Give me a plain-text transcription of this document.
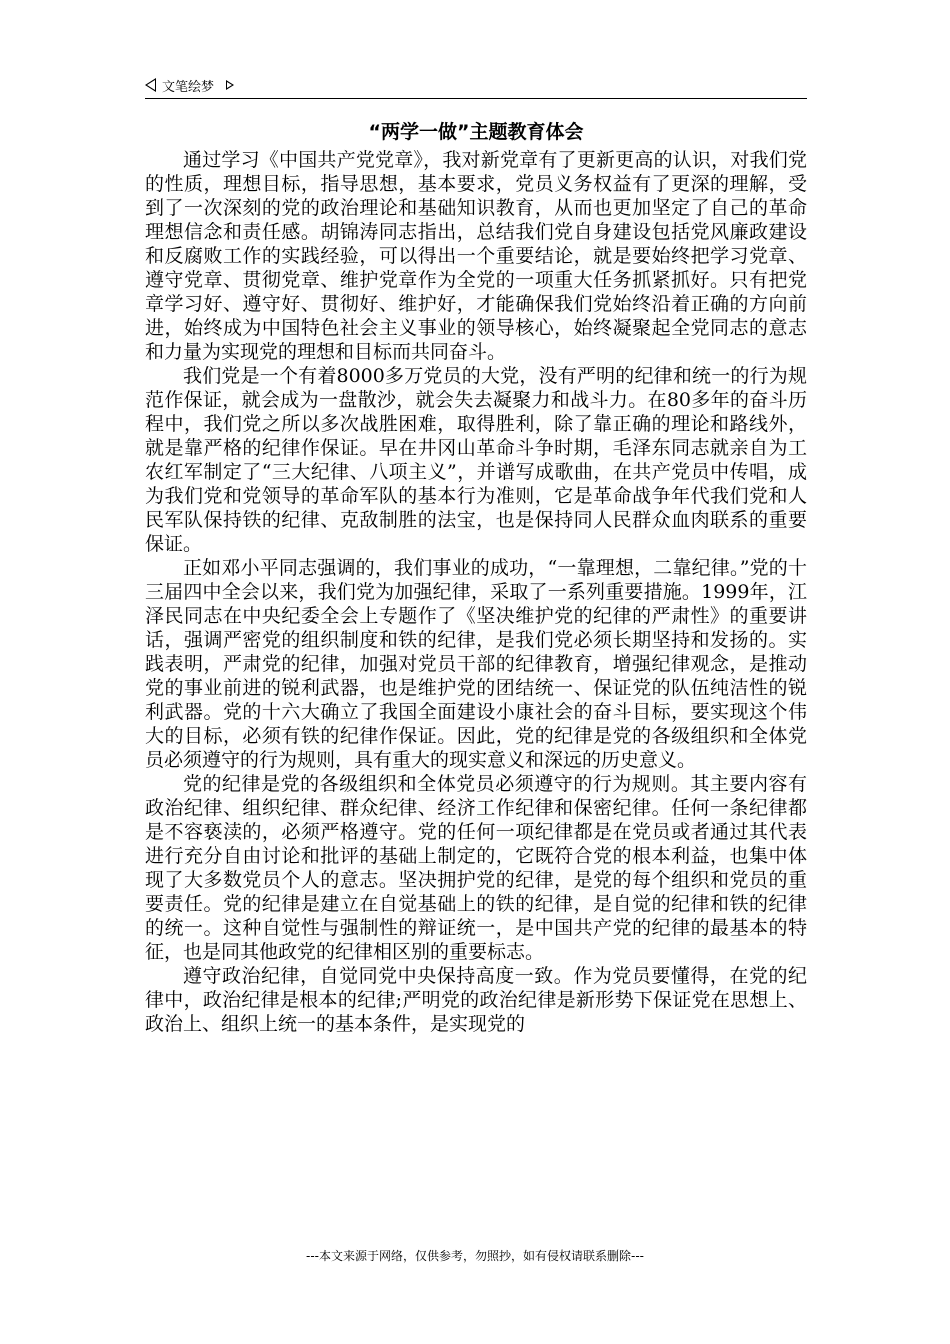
文笔绘梦
“两学一做”主题教育体会

通过学习《中国共产党党章》，我对新党章有了更新更高的认识，对我们党的性质，理想目标，指导思想，基本要求，党员义务权益有了更深的理解，受到了一次深刻的党的政治理论和基础知识教育，从而也更加坚定了自己的革命理想信念和责任感。胡锦涛同志指出，总结我们党自身建设包括党风廉政建设和反腐败工作的实践经验，可以得出一个重要结论，就是要始终把学习党章、遵守党章、贯彻党章、维护党章作为全党的一项重大任务抓紧抓好。只有把党章学习好、遵守好、贯彻好、维护好，才能确保我们党始终沿着正确的方向前进，始终成为中国特色社会主义事业的领导核心，始终凝聚起全党同志的意志和力量为实现党的理想和目标而共同奋斗。

我们党是一个有着8000多万党员的大党，没有严明的纪律和统一的行为规范作保证，就会成为一盘散沙，就会失去凝聚力和战斗力。在80多年的奋斗历程中，我们党之所以多次战胜困难，取得胜利，除了靠正确的理论和路线外，就是靠严格的纪律作保证。早在井冈山革命斗争时期，毛泽东同志就亲自为工农红军制定了“三大纪律、八项主义”，并谱写成歌曲，在共产党员中传唱，成为我们党和党领导的革命军队的基本行为准则，它是革命战争年代我们党和人民军队保持铁的纪律、克敌制胜的法宝，也是保持同人民群众血肉联系的重要保证。

正如邓小平同志强调的，我们事业的成功，“一靠理想，二靠纪律。”党的十三届四中全会以来，我们党为加强纪律，采取了一系列重要措施。1999年，江泽民同志在中央纪委全会上专题作了《坚决维护党的纪律的严肃性》的重要讲话，强调严密党的组织制度和铁的纪律，是我们党必须长期坚持和发扬的。实践表明，严肃党的纪律，加强对党员干部的纪律教育，增强纪律观念，是推动党的事业前进的锐利武器，也是维护党的团结统一、保证党的队伍纯洁性的锐利武器。党的十六大确立了我国全面建设小康社会的奋斗目标，要实现这个伟大的目标，必须有铁的纪律作保证。因此，党的纪律是党的各级组织和全体党员必须遵守的行为规则，具有重大的现实意义和深远的历史意义。

党的纪律是党的各级组织和全体党员必须遵守的行为规则。其主要内容有政治纪律、组织纪律、群众纪律、经济工作纪律和保密纪律。任何一条纪律都是不容亵渎的，必须严格遵守。党的任何一项纪律都是在党员或者通过其代表进行充分自由讨论和批评的基础上制定的，它既符合党的根本利益，也集中体现了大多数党员个人的意志。坚决拥护党的纪律，是党的每个组织和党员的重要责任。党的纪律是建立在自觉基础上的铁的纪律，是自觉的纪律和铁的纪律的统一。这种自觉性与强制性的辩证统一，是中国共产党的纪律的最基本的特征，也是同其他政党的纪律相区别的重要标志。

遵守政治纪律，自觉同党中央保持高度一致。作为党员要懂得，在党的纪律中，政治纪律是根本的纪律;严明党的政治纪律是新形势下保证党在思想上、政治上、组织上统一的基本条件，是实现党的

---本文来源于网络，仅供参考，勿照抄，如有侵权请联系删除---
